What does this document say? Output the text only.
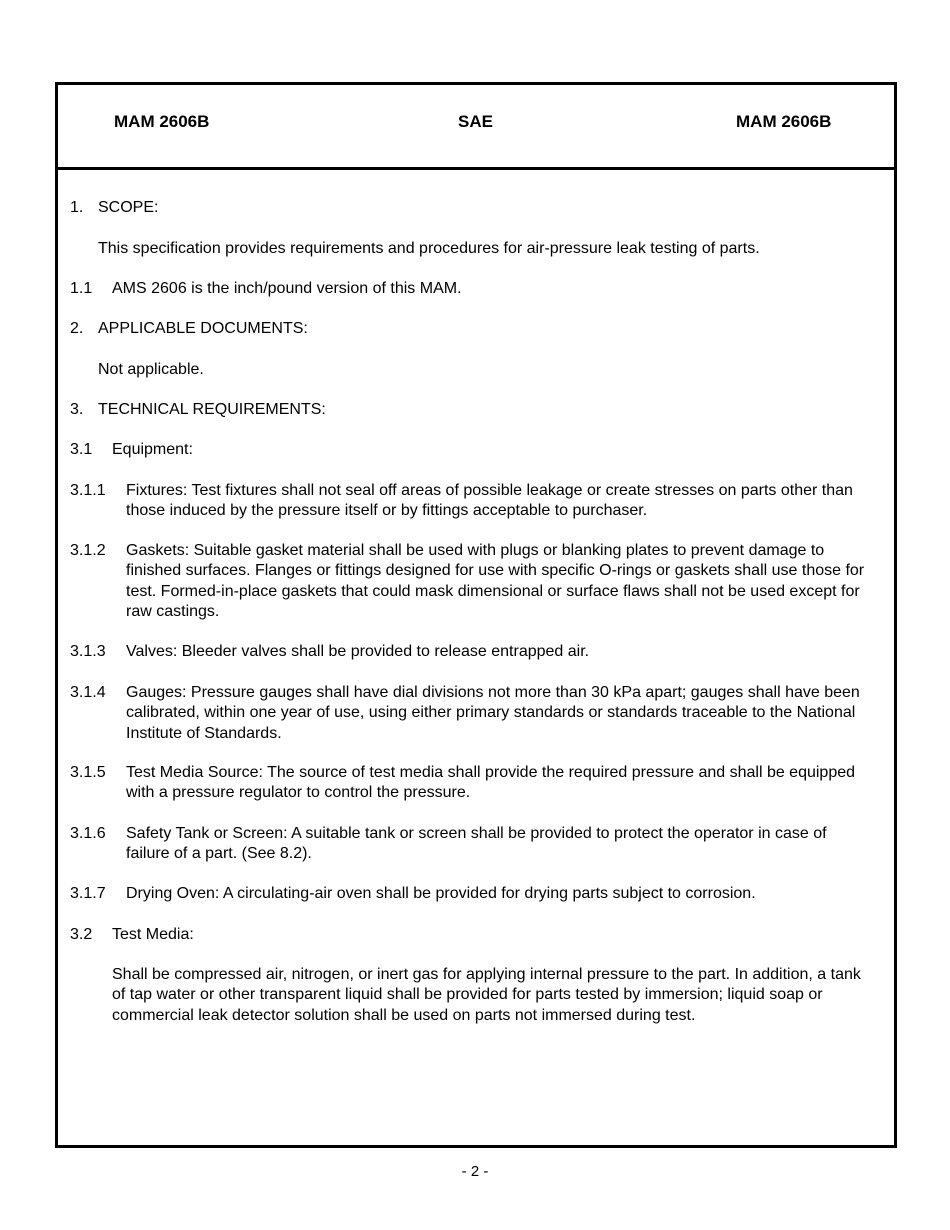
MAM 2606B	SAE	MAM 2606B
1. SCOPE:
This specification provides requirements and procedures for air-pressure leak testing of parts.
1.1 AMS 2606 is the inch/pound version of this MAM.
2. APPLICABLE DOCUMENTS:
Not applicable.
3. TECHNICAL REQUIREMENTS:
3.1 Equipment:
3.1.1 Fixtures: Test fixtures shall not seal off areas of possible leakage or create stresses on parts other than those induced by the pressure itself or by fittings acceptable to purchaser.
3.1.2 Gaskets: Suitable gasket material shall be used with plugs or blanking plates to prevent damage to finished surfaces. Flanges or fittings designed for use with specific O-rings or gaskets shall use those for test. Formed-in-place gaskets that could mask dimensional or surface flaws shall not be used except for raw castings.
3.1.3 Valves: Bleeder valves shall be provided to release entrapped air.
3.1.4 Gauges: Pressure gauges shall have dial divisions not more than 30 kPa apart; gauges shall have been calibrated, within one year of use, using either primary standards or standards traceable to the National Institute of Standards.
3.1.5 Test Media Source: The source of test media shall provide the required pressure and shall be equipped with a pressure regulator to control the pressure.
3.1.6 Safety Tank or Screen: A suitable tank or screen shall be provided to protect the operator in case of failure of a part. (See 8.2).
3.1.7 Drying Oven: A circulating-air oven shall be provided for drying parts subject to corrosion.
3.2 Test Media:
Shall be compressed air, nitrogen, or inert gas for applying internal pressure to the part. In addition, a tank of tap water or other transparent liquid shall be provided for parts tested by immersion; liquid soap or commercial leak detector solution shall be used on parts not immersed during test.
- 2 -
